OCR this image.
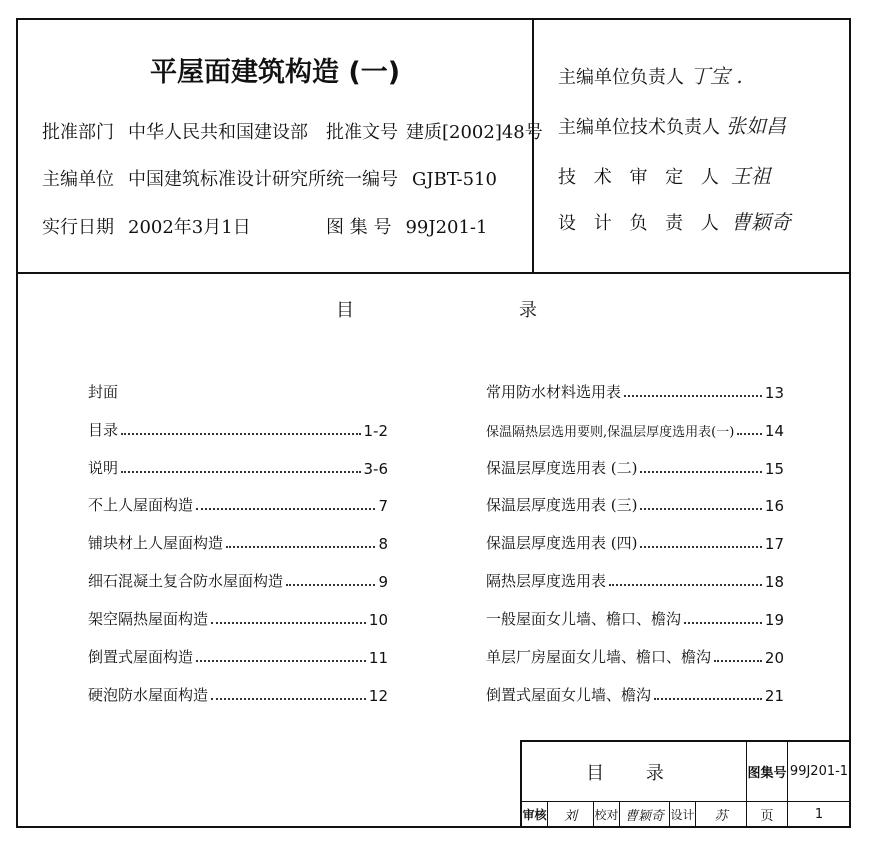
平屋面建筑构造 (一)
批准部门 中华人民共和国建设部 批准文号 建质[2002]48号
主编单位 中国建筑标准设计研究所 统一编号 GJBT-510
实行日期 2002年3月1日	图 集 号 99J201-1
主编单位负责人 丁宝 .
主编单位技术负责人 张如昌
技 术 审 定 人 王祖
设 计 负 责 人 曹颖奇
目	录
封面
目录	1-2
说明	3-6
不上人屋面构造	7
铺块材上人屋面构造	8
细石混凝土复合防水屋面构造	9
架空隔热屋面构造	10
倒置式屋面构造	11
硬泡防水屋面构造	12
常用防水材料选用表	13
保温隔热层选用要则,保温层厚度选用表(一) 14
保温层厚度选用表 (二)	15
保温层厚度选用表 (三)	16
保温层厚度选用表 (四)	17
隔热层厚度选用表	18
一般屋面女儿墙、檐口、檐沟	19
单层厂房屋面女儿墙、檐口、檐沟	20
倒置式屋面女儿墙、檐沟	21
目 录	图集号 99J201-1
审核	刘	校对 曹颖奇 设计	苏	页	1
